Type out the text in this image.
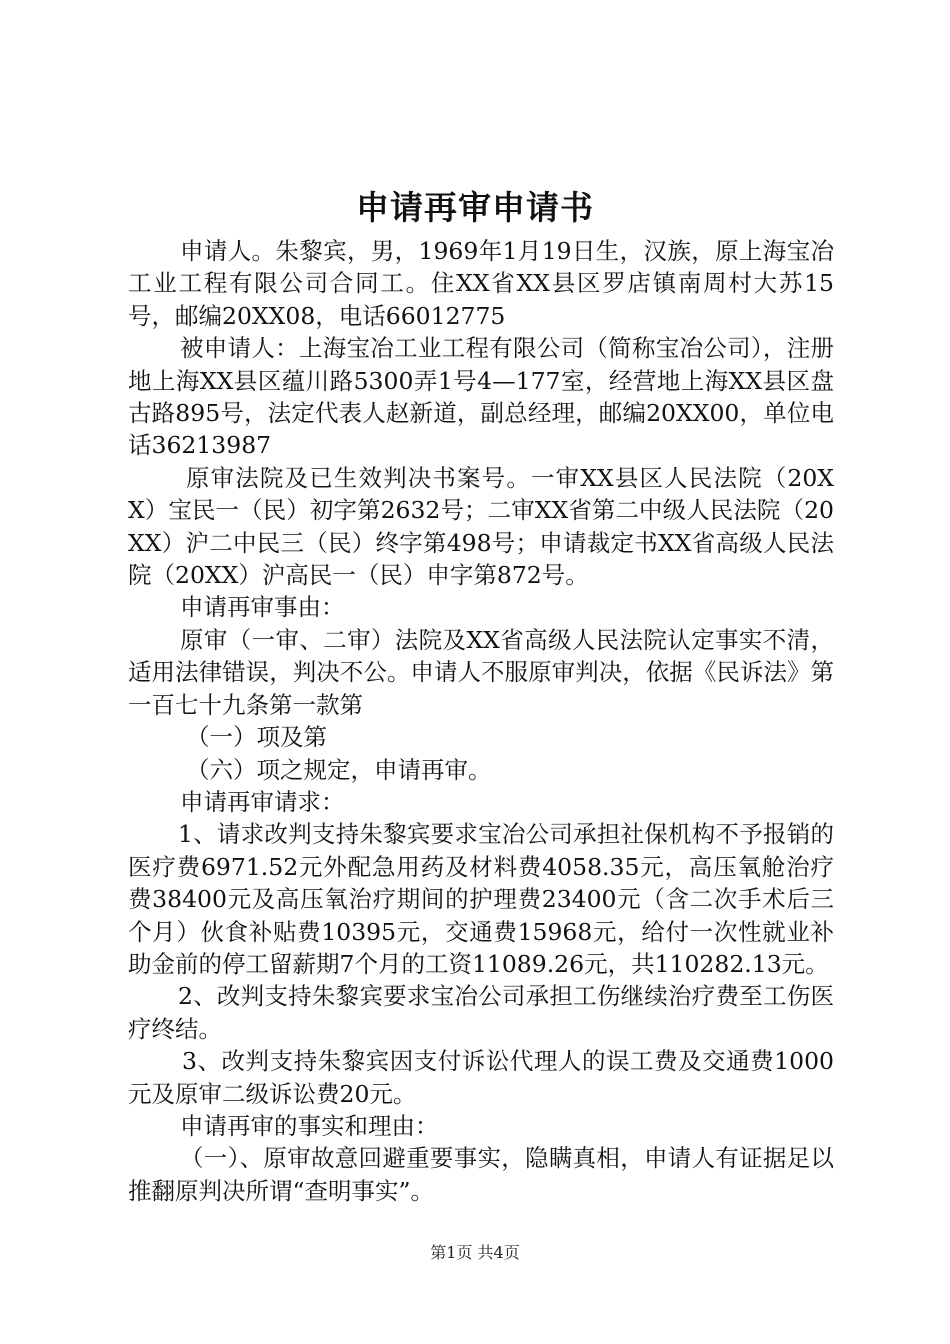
申请再审申请书

申请人。朱黎宾，男，1969年1月19日生，汉族，原上海宝冶工业工程有限公司合同工。住XX省XX县区罗店镇南周村大苏15号，邮编20XX08，电话66012775

被申请人：上海宝冶工业工程有限公司（简称宝冶公司），注册地上海XX县区蕴川路5300弄1号4—177室，经营地上海XX县区盘古路895号，法定代表人赵新道，副总经理，邮编20XX00，单位电话36213987

原审法院及已生效判决书案号。一审XX县区人民法院（20XX）宝民一（民）初字第2632号；二审XX省第二中级人民法院（20XX）沪二中民三（民）终字第498号；申请裁定书XX省高级人民法院（20XX）沪高民一（民）申字第872号。

申请再审事由：

原审（一审、二审）法院及XX省高级人民法院认定事实不清，适用法律错误，判决不公。申请人不服原审判决，依据《民诉法》第一百七十九条第一款第

（一）项及第

（六）项之规定，申请再审。

申请再审请求：

1、请求改判支持朱黎宾要求宝冶公司承担社保机构不予报销的医疗费6971.52元外配急用药及材料费4058.35元，高压氧舱治疗费38400元及高压氧治疗期间的护理费23400元（含二次手术后三个月）伙食补贴费10395元，交通费15968元，给付一次性就业补助金前的停工留薪期7个月的工资11089.26元，共110282.13元。

2、改判支持朱黎宾要求宝冶公司承担工伤继续治疗费至工伤医疗终结。

3、改判支持朱黎宾因支付诉讼代理人的误工费及交通费1000元及原审二级诉讼费20元。

申请再审的事实和理由：

（一）、原审故意回避重要事实，隐瞒真相，申请人有证据足以推翻原判决所谓“查明事实”。

第1页 共4页
